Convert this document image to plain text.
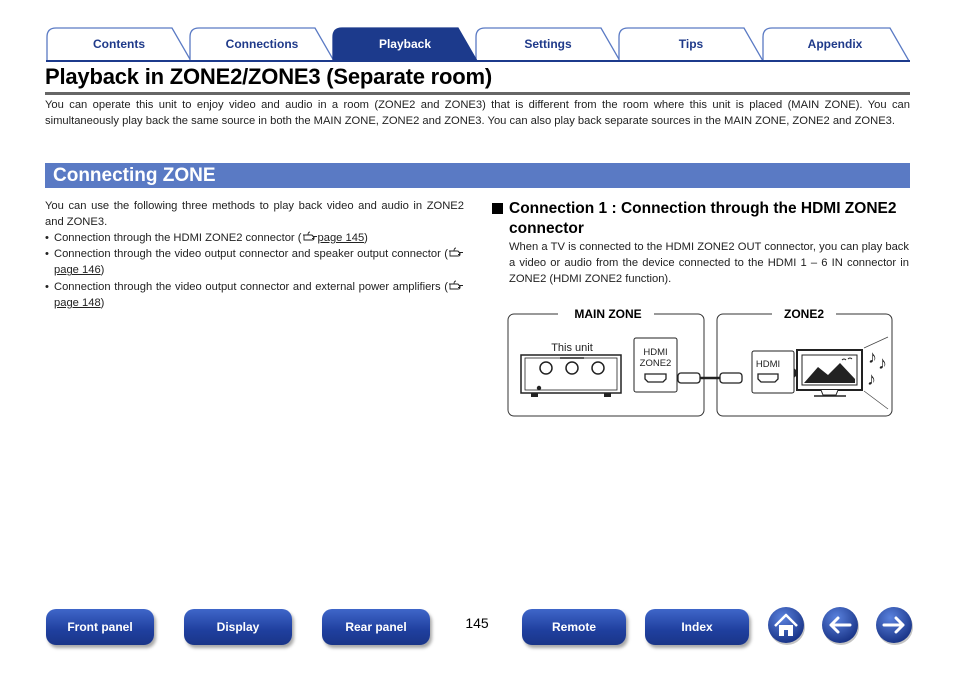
Contents	Connections	Settings	Tips	Appendix
Playback
Playback in ZONE2/ZONE3 (Separate room)
You can operate this unit to enjoy video and audio in a room (ZONE2 and ZONE3) that is different from the room where this unit is placed (MAIN ZONE). You can simultaneously play back the same source in both the MAIN ZONE, ZONE2 and ZONE3. You can also play back separate sources in the MAIN ZONE, ZONE2 and ZONE3.
Connecting ZONE
You can use the following three methods to play back video and audio in ZONE2 and ZONE3.
• Connection through the HDMI ZONE2 connector ( page 145)
• Connection through the video output connector and speaker output connector (page 146)
• Connection through the video output connector and external power amplifiers (page 148)
Connection 1 : Connection through the HDMI ZONE2 connector
When a TV is connected to the HDMI ZONE2 OUT connector, you can play back a video or audio from the device connected to the HDMI 1 – 6 IN connector in ZONE2 (HDMI ZONE2 function).
MAIN ZONE	ZONE2
This unit	HDMI
ZONE2	HDMI	♪ ♪
♪
Front panel	Display	Rear panel	145	Remote	Index
